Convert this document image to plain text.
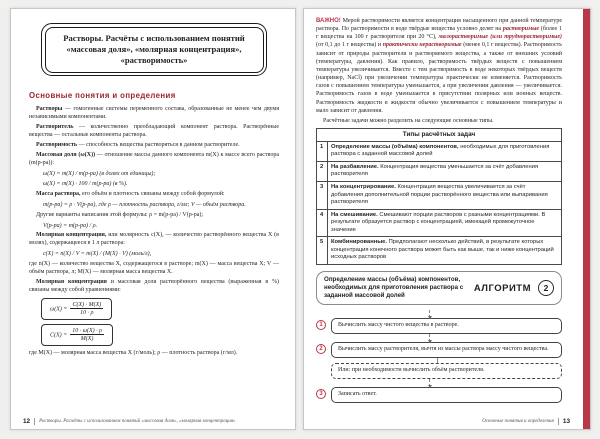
Растворы. Расчёты с использованием понятий «массовая доля», «молярная концентрация», «растворимость»
Основные понятия и определения

Растворы — гомогенные системы переменного состава, образованные не менее чем двумя независимыми компонентами.

Растворитель — количественно преобладающий компонент раствора. Растворённые вещества — остальные компоненты раствора.

Растворимость — способность вещества растворяться в данном растворителе.

Массовая доля (ω(X)) — отношение массы данного компонента m(X) к массе всего раствора (m(р-ра)):

ω(X) = m(X) / m(р-ра) (в долях от единицы);

ω(X) = m(X) · 100 / m(р-ра) (в %).

Масса раствора, его объём и плотность связаны между собой формулой:

m(р-ра) = ρ · V(р-ра), где ρ — плотность раствора, г/мл; V — объём раствора.

Другие варианты написания этой формулы: ρ = m(р-ра) / V(р-ра);

V(р-ра) = m(р-ра) / ρ.

Молярная концентрация, или молярность c(X), — количество растворённого вещества X (в молях), содержащееся в 1 л раствора:

c(X) = n(X) / V = m(X) / (M(X) · V) (моль/л),

где n(X) — количество вещества X, содержащегося в растворе; m(X) — масса вещества X; V — объём раствора, л; M(X) — молярная масса вещества X.

Молярная концентрация и массовая доля растворённого вещества (выраженная в %) связаны между собой уравнениями:

$\omega(X) = \frac{C(X) \cdot M(X)}{10 \cdot \rho}$
$C(X) = \frac{10 \cdot \omega(X) \cdot \rho}{M(X)}$

где M(X) — молярная масса вещества X (г/моль); ρ — плотность раствора (г/мл).

12 Растворы. Расчёты с использованием понятий «массовая доля», «молярная концентрация»

ВАЖНО! Мерой растворимости является концентрация насыщенного при данной температуре раствора. По растворимости в воде твёрдые вещества условно делят на растворимые (более 1 г вещества на 100 г растворителя при 20 °C), малорастворимые (или труднорастворимые) (от 0,1 до 1 г вещества) и практически нерастворимые (менее 0,1 г вещества). Растворимость зависит от природы растворителя и растворяемого вещества, а также от внешних условий (температуры, давления). Как правило, растворимость твёрдых веществ с повышением температуры увеличивается. Вместе с тем растворимость в воде некоторых твёрдых веществ (например, NaCl) при увеличении температуры практически не изменяется. Растворимость газов с повышением температуры уменьшается, а при увеличении давления — увеличивается. Растворимость газов в воде уменьшается в присутствии полярных или ионных веществ. Растворимость жидкости в жидкости обычно увеличивается с повышением температуры и мало зависит от давления.

Расчётные задачи можно разделить на следующие основные типы.

Типы расчётных задач	
1	Определение массы (объёма) компонентов, необходимых для приготовления раствора с заданной массовой долей
2	На разбавление. Концентрация вещества уменьшается за счёт добавления растворителя
3	На концентрирование. Концентрация вещества увеличивается за счёт добавления дополнительной порции растворённого вещества или выпаривания растворителя
4	На смешивание. Смешивают порции растворов с разными концентрациями. В результате образуется раствор с концентрацией, имеющей промежуточное значение
5	Комбинированные. Предполагают несколько действий, в результате которых концентрация конечного раствора может быть как выше, так и ниже концентраций исходных растворов
Определение массы (объёма) компонентов, необходимых для приготовления раствора с заданной массовой долей
АЛГОРИТМ	2
1	Вычислить массу чистого вещества в растворе.
2	Вычислить массу растворителя, вычтя из массы раствора массу чистого вещества.
Или: при необходимости вычислить объём растворителя.
3	Записать ответ.
Основные понятия и определения 13
